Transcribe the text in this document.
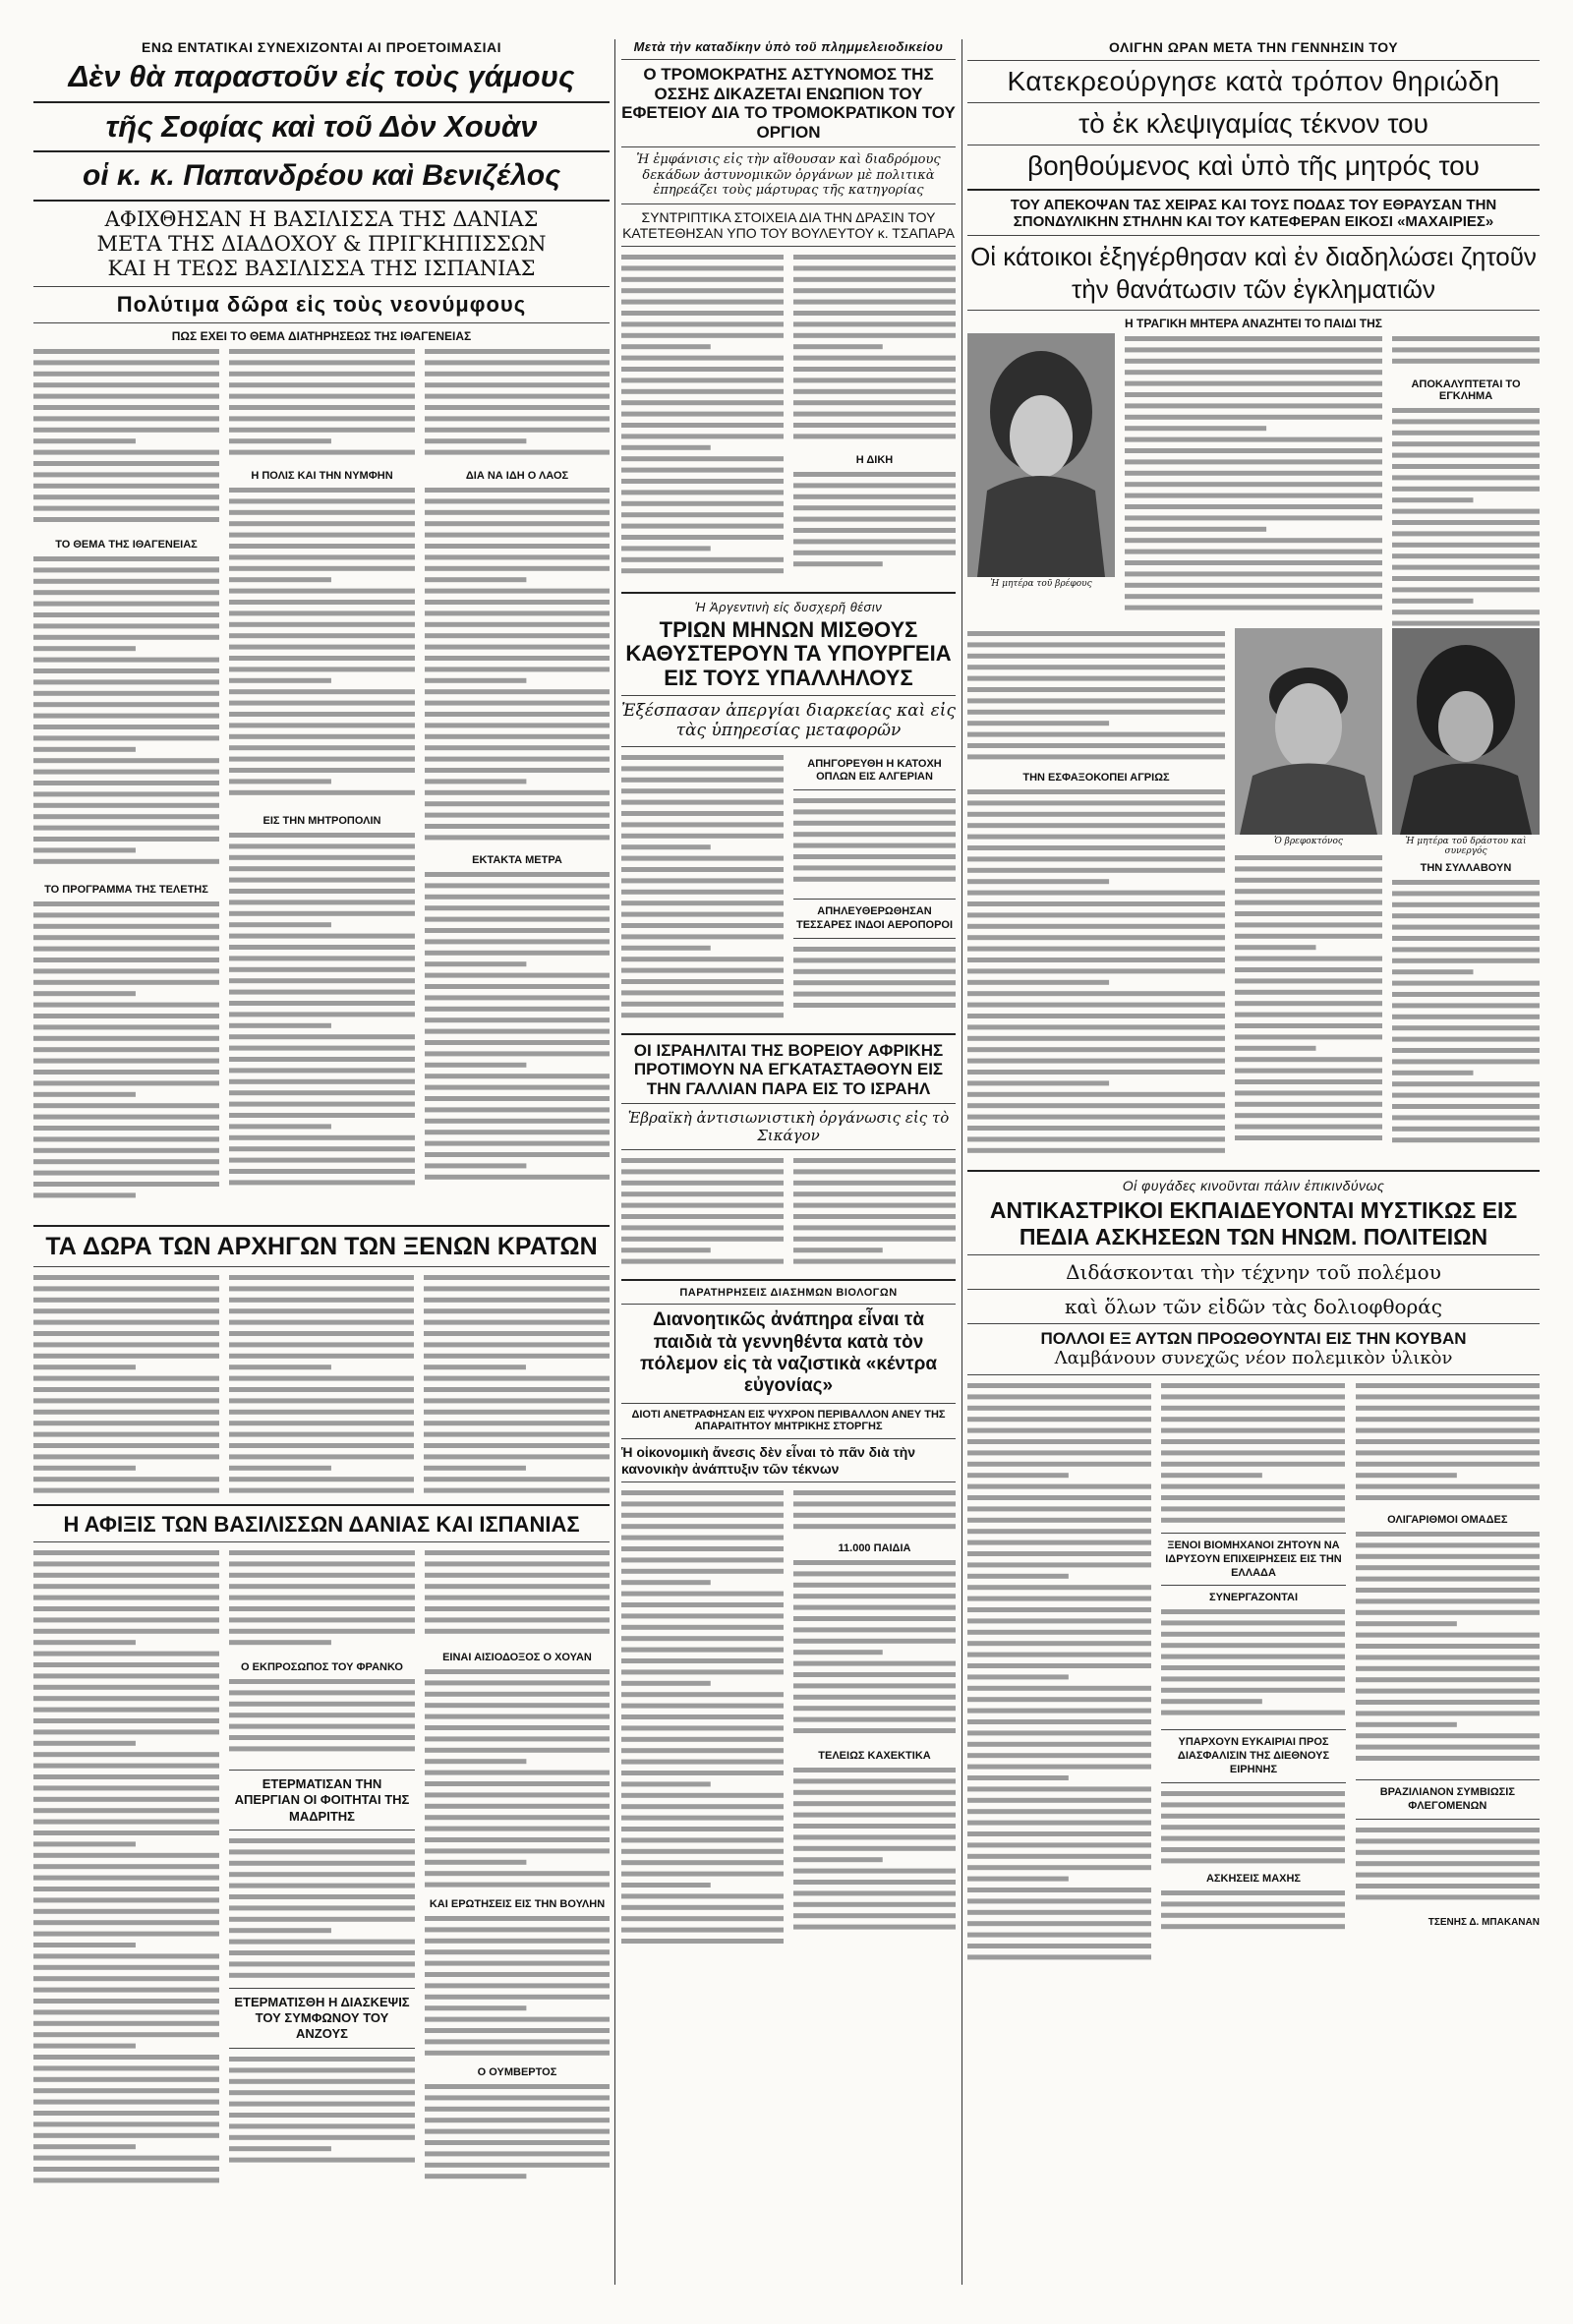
ΕΝΩ ΕΝΤΑΤΙΚΑΙ ΣΥΝΕΧΙΖΟΝΤΑΙ ΑΙ ΠΡΟΕΤΟΙΜΑΣΙΑΙ
Δὲν θὰ παραστοῦν εἰς τοὺς γάμους
τῆς Σοφίας καὶ τοῦ Δὸν Χουὰν
οἱ κ. κ. Παπανδρέου καὶ Βενιζέλος
ΑΦΙΧΘΗΣΑΝ Η ΒΑΣΙΛΙΣΣΑ ΤΗΣ ΔΑΝΙΑΣ
ΜΕΤΑ ΤΗΣ ΔΙΑΔΟΧΟΥ & ΠΡΙΓΚΗΠΙΣΣΩΝ
ΚΑΙ Η ΤΕΩΣ ΒΑΣΙΛΙΣΣΑ ΤΗΣ ΙΣΠΑΝΙΑΣ
Πολύτιμα δῶρα εἰς τοὺς νεονύμφους
ΠΩΣ ΕΧΕΙ ΤΟ ΘΕΜΑ ΔΙΑΤΗΡΗΣΕΩΣ ΤΗΣ ΙΘΑΓΕΝΕΙΑΣ

ΤΟ ΘΕΜΑ ΤΗΣ ΙΘΑΓΕΝΕΙΑΣ

ΤΟ ΠΡΟΓΡΑΜΜΑ ΤΗΣ ΤΕΛΕΤΗΣ

Η ΠΟΛΙΣ ΚΑΙ ΤΗΝ ΝΥΜΦΗΝ

ΕΙΣ ΤΗΝ ΜΗΤΡΟΠΟΛΙΝ

ΔΙΑ ΝΑ ΙΔΗ Ο ΛΑΟΣ

ΕΚΤΑΚΤΑ ΜΕΤΡΑ

ΤΑ ΔΩΡΑ ΤΩΝ ΑΡΧΗΓΩΝ ΤΩΝ ΞΕΝΩΝ ΚΡΑΤΩΝ

Η ΑΦΙΞΙΣ ΤΩΝ ΒΑΣΙΛΙΣΣΩΝ ΔΑΝΙΑΣ ΚΑΙ ΙΣΠΑΝΙΑΣ

Ο ΕΚΠΡΟΣΩΠΟΣ ΤΟΥ ΦΡΑΝΚΟ

ΕΤΕΡΜΑΤΙΣΑΝ ΤΗΝ ΑΠΕΡΓΙΑΝ ΟΙ ΦΟΙΤΗΤΑΙ ΤΗΣ ΜΑΔΡΙΤΗΣ

ΕΤΕΡΜΑΤΙΣΘΗ Η ΔΙΑΣΚΕΨΙΣ ΤΟΥ ΣΥΜΦΩΝΟΥ ΤΟΥ ΑΝΖΟΥΣ

ΕΙΝΑΙ ΑΙΣΙΟΔΟΞΟΣ Ο ΧΟΥΑΝ

ΚΑΙ ΕΡΩΤΗΣΕΙΣ ΕΙΣ ΤΗΝ ΒΟΥΛΗΝ

Ο ΟΥΜΒΕΡΤΟΣ

Μετὰ τὴν καταδίκην ὑπὸ τοῦ πλημμελειοδικείου
Ο ΤΡΟΜΟΚΡΑΤΗΣ ΑΣΤΥΝΟΜΟΣ ΤΗΣ ΟΣΣΗΣ ΔΙΚΑΖΕΤΑΙ ΕΝΩΠΙΟΝ ΤΟΥ ΕΦΕΤΕΙΟΥ ΔΙΑ ΤΟ ΤΡΟΜΟΚΡΑΤΙΚΟΝ ΤΟΥ ΟΡΓΙΟΝ
Ἡ ἐμφάνισις εἰς τὴν αἴθουσαν καὶ διαδρόμους δεκάδων ἀστυνομικῶν ὀργάνων μὲ πολιτικὰ ἐπηρεάζει τοὺς μάρτυρας τῆς κατηγορίας
ΣΥΝΤΡΙΠΤΙΚΑ ΣΤΟΙΧΕΙΑ ΔΙΑ ΤΗΝ ΔΡΑΣΙΝ ΤΟΥ ΚΑΤΕΤΕΘΗΣΑΝ ΥΠΟ ΤΟΥ ΒΟΥΛΕΥΤΟΥ κ. ΤΣΑΠΑΡΑ

Η ΔΙΚΗ

Ἡ Ἀργεντινὴ εἰς δυσχερῆ θέσιν
ΤΡΙΩΝ ΜΗΝΩΝ ΜΙΣΘΟΥΣ ΚΑΘΥΣΤΕΡΟΥΝ ΤΑ ΥΠΟΥΡΓΕΙΑ ΕΙΣ ΤΟΥΣ ΥΠΑΛΛΗΛΟΥΣ
Ἐξέσπασαν ἀπεργίαι διαρκείας καὶ εἰς τὰς ὑπηρεσίας μεταφορῶν

ΑΠΗΓΟΡΕΥΘΗ Η ΚΑΤΟΧΗ ΟΠΛΩΝ ΕΙΣ ΑΛΓΕΡΙΑΝ

ΑΠΗΛΕΥΘΕΡΩΘΗΣΑΝ ΤΕΣΣΑΡΕΣ ΙΝΔΟΙ ΑΕΡΟΠΟΡΟΙ

ΟΙ ΙΣΡΑΗΛΙΤΑΙ ΤΗΣ ΒΟΡΕΙΟΥ ΑΦΡΙΚΗΣ ΠΡΟΤΙΜΟΥΝ ΝΑ ΕΓΚΑΤΑΣΤΑΘΟΥΝ ΕΙΣ ΤΗΝ ΓΑΛΛΙΑΝ ΠΑΡΑ ΕΙΣ ΤΟ ΙΣΡΑΗΛ
Ἑβραϊκὴ ἀντισιωνιστικὴ ὀργάνωσις εἰς τὸ Σικάγον

ΠΑΡΑΤΗΡΗΣΕΙΣ ΔΙΑΣΗΜΩΝ ΒΙΟΛΟΓΩΝ
Διανοητικῶς ἀνάπηρα εἶναι τὰ παιδιὰ τὰ γεννηθέντα κατὰ τὸν πόλεμον εἰς τὰ ναζιστικὰ «κέντρα εὐγονίας»
ΔΙΟΤΙ ΑΝΕΤΡΑΦΗΣΑΝ ΕΙΣ ΨΥΧΡΟΝ ΠΕΡΙΒΑΛΛΟΝ ΑΝΕΥ ΤΗΣ ΑΠΑΡΑΙΤΗΤΟΥ ΜΗΤΡΙΚΗΣ ΣΤΟΡΓΗΣ
Ἡ οἰκονομικὴ ἄνεσις δὲν εἶναι τὸ πᾶν διὰ τὴν κανονικὴν ἀνάπτυξιν τῶν τέκνων

11.000 ΠΑΙΔΙΑ

ΤΕΛΕΙΩΣ ΚΑΧΕΚΤΙΚΑ

ΟΛΙΓΗΝ ΩΡΑΝ ΜΕΤΑ ΤΗΝ ΓΕΝΝΗΣΙΝ ΤΟΥ
Κατεκρεούργησε κατὰ τρόπον θηριώδη
τὸ ἐκ κλεψιγαμίας τέκνον του
βοηθούμενος καὶ ὑπὸ τῆς μητρός του
ΤΟΥ ΑΠΕΚΟΨΑΝ ΤΑΣ ΧΕΙΡΑΣ ΚΑΙ ΤΟΥΣ ΠΟΔΑΣ ΤΟΥ ΕΘΡΑΥΣΑΝ ΤΗΝ ΣΠΟΝΔΥΛΙΚΗΝ ΣΤΗΛΗΝ ΚΑΙ ΤΟΥ ΚΑΤΕΦΕΡΑΝ ΕΙΚΟΣΙ «ΜΑΧΑΙΡΙΕΣ»
Οἱ κάτοικοι ἐξηγέρθησαν καὶ ἐν διαδηλώσει ζητοῦν τὴν θανάτωσιν τῶν ἐγκληματιῶν
Η ΤΡΑΓΙΚΗ ΜΗΤΕΡΑ ΑΝΑΖΗΤΕΙ ΤΟ ΠΑΙΔΙ ΤΗΣ
Ἡ μητέρα τοῦ βρέφους

ΑΠΟΚΑΛΥΠΤΕΤΑΙ ΤΟ ΕΓΚΛΗΜΑ

ΤΗΝ ΕΣΦΑΞΟΚΟΠΕΙ ΑΓΡΙΩΣ

Ὁ βρεφοκτόνος	Ἡ μητέρα τοῦ δράστου καὶ συνεργός
ΤΗΝ ΣΥΛΛΑΒΟΥΝ

Οἱ φυγάδες κινοῦνται πάλιν ἐπικινδύνως
ΑΝΤΙΚΑΣΤΡΙΚΟΙ ΕΚΠΑΙΔΕΥΟΝΤΑΙ ΜΥΣΤΙΚΩΣ ΕΙΣ ΠΕΔΙΑ ΑΣΚΗΣΕΩΝ ΤΩΝ ΗΝΩΜ. ΠΟΛΙΤΕΙΩΝ
Διδάσκονται τὴν τέχνην τοῦ πολέμου
καὶ ὅλων τῶν εἰδῶν τὰς δολιοφθοράς
ΠΟΛΛΟΙ ΕΞ ΑΥΤΩΝ ΠΡΟΩΘΟΥΝΤΑΙ ΕΙΣ ΤΗΝ ΚΟΥΒΑΝ
Λαμβάνουν συνεχῶς νέον πολεμικὸν ὑλικὸν

ΞΕΝΟΙ ΒΙΟΜΗΧΑΝΟΙ ΖΗΤΟΥΝ ΝΑ ΙΔΡΥΣΟΥΝ ΕΠΙΧΕΙΡΗΣΕΙΣ ΕΙΣ ΤΗΝ ΕΛΛΑΔΑ
ΣΥΝΕΡΓΑΖΟΝΤΑΙ

ΥΠΑΡΧΟΥΝ ΕΥΚΑΙΡΙΑΙ ΠΡΟΣ ΔΙΑΣΦΑΛΙΣΙΝ ΤΗΣ ΔΙΕΘΝΟΥΣ ΕΙΡΗΝΗΣ

ΑΣΚΗΣΕΙΣ ΜΑΧΗΣ

ΟΛΙΓΑΡΙΘΜΟΙ ΟΜΑΔΕΣ

ΒΡΑΖΙΛΙΑΝΟΝ ΣΥΜΒΙΩΣΙΣ ΦΛΕΓΟΜΕΝΩΝ

ΤΣΕΝΗΣ Δ. ΜΠΑΚΑΝΑΝ
